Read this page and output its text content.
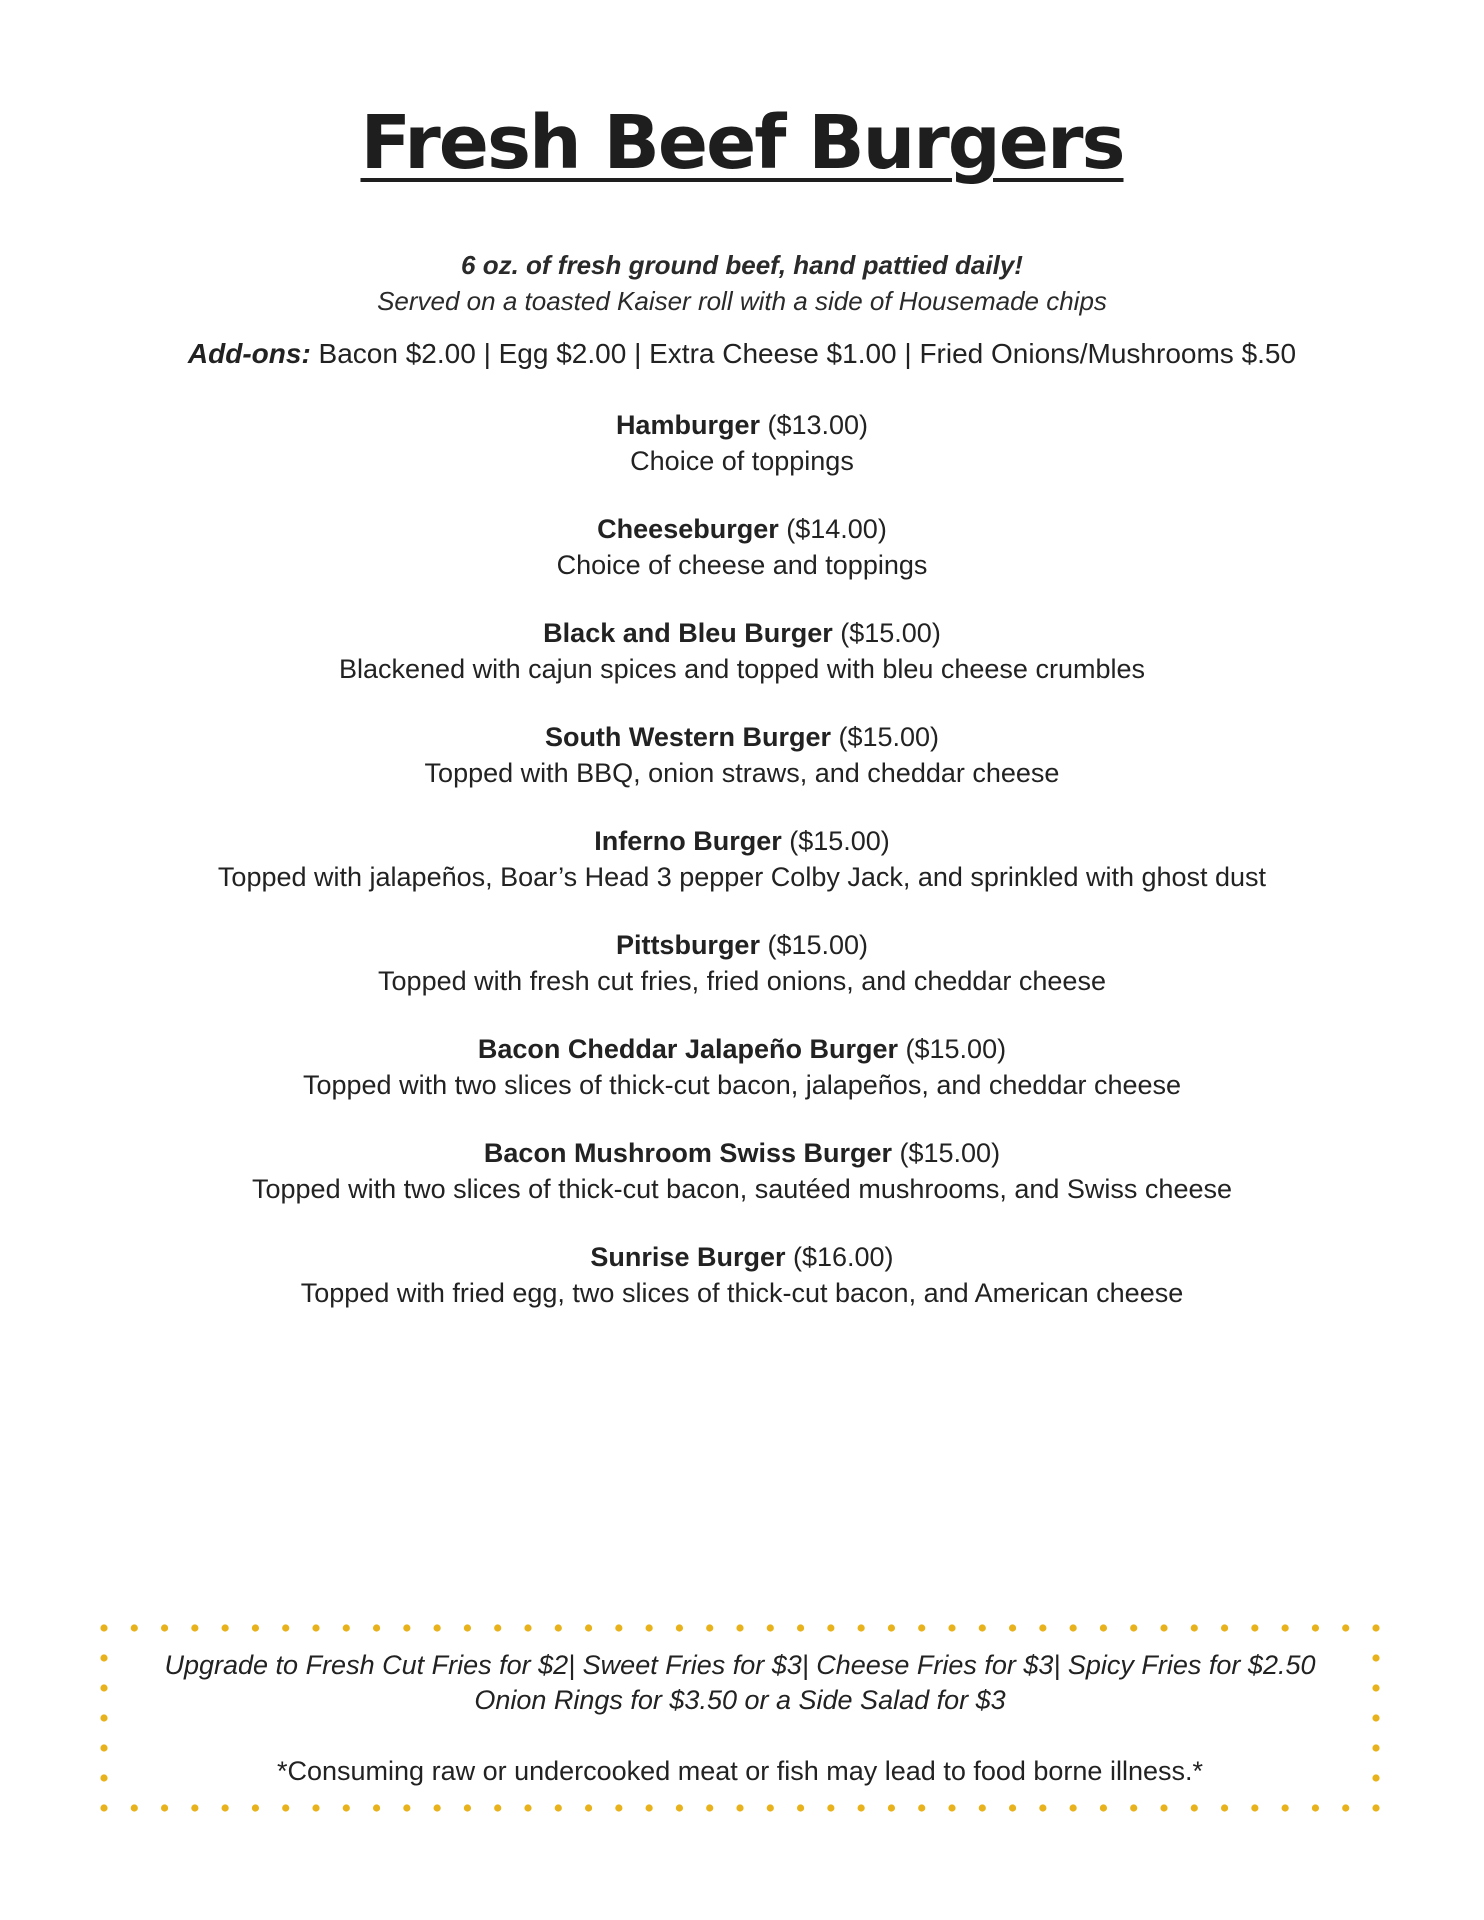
Fresh Beef Burgers
6 oz. of fresh ground beef, hand pattied daily!
Served on a toasted Kaiser roll with a side of Housemade chips
Add-ons: Bacon $2.00 | Egg $2.00 | Extra Cheese $1.00 | Fried Onions/Mushrooms $.50
Hamburger ($13.00)
Choice of toppings
Cheeseburger ($14.00)
Choice of cheese and toppings
Black and Bleu Burger ($15.00)
Blackened with cajun spices and topped with bleu cheese crumbles
South Western Burger ($15.00)
Topped with BBQ, onion straws, and cheddar cheese
Inferno Burger ($15.00)
Topped with jalapeños, Boar’s Head 3 pepper Colby Jack, and sprinkled with ghost dust
Pittsburger ($15.00)
Topped with fresh cut fries, fried onions, and cheddar cheese
Bacon Cheddar Jalapeño Burger ($15.00)
Topped with two slices of thick-cut bacon, jalapeños, and cheddar cheese
Bacon Mushroom Swiss Burger ($15.00)
Topped with two slices of thick-cut bacon, sautéed mushrooms, and Swiss cheese
Sunrise Burger ($16.00)
Topped with fried egg, two slices of thick-cut bacon, and American cheese
Upgrade to Fresh Cut Fries for $2| Sweet Fries for $3| Cheese Fries for $3| Spicy Fries for $2.50
Onion Rings for $3.50 or a Side Salad for $3
*Consuming raw or undercooked meat or fish may lead to food borne illness.*
